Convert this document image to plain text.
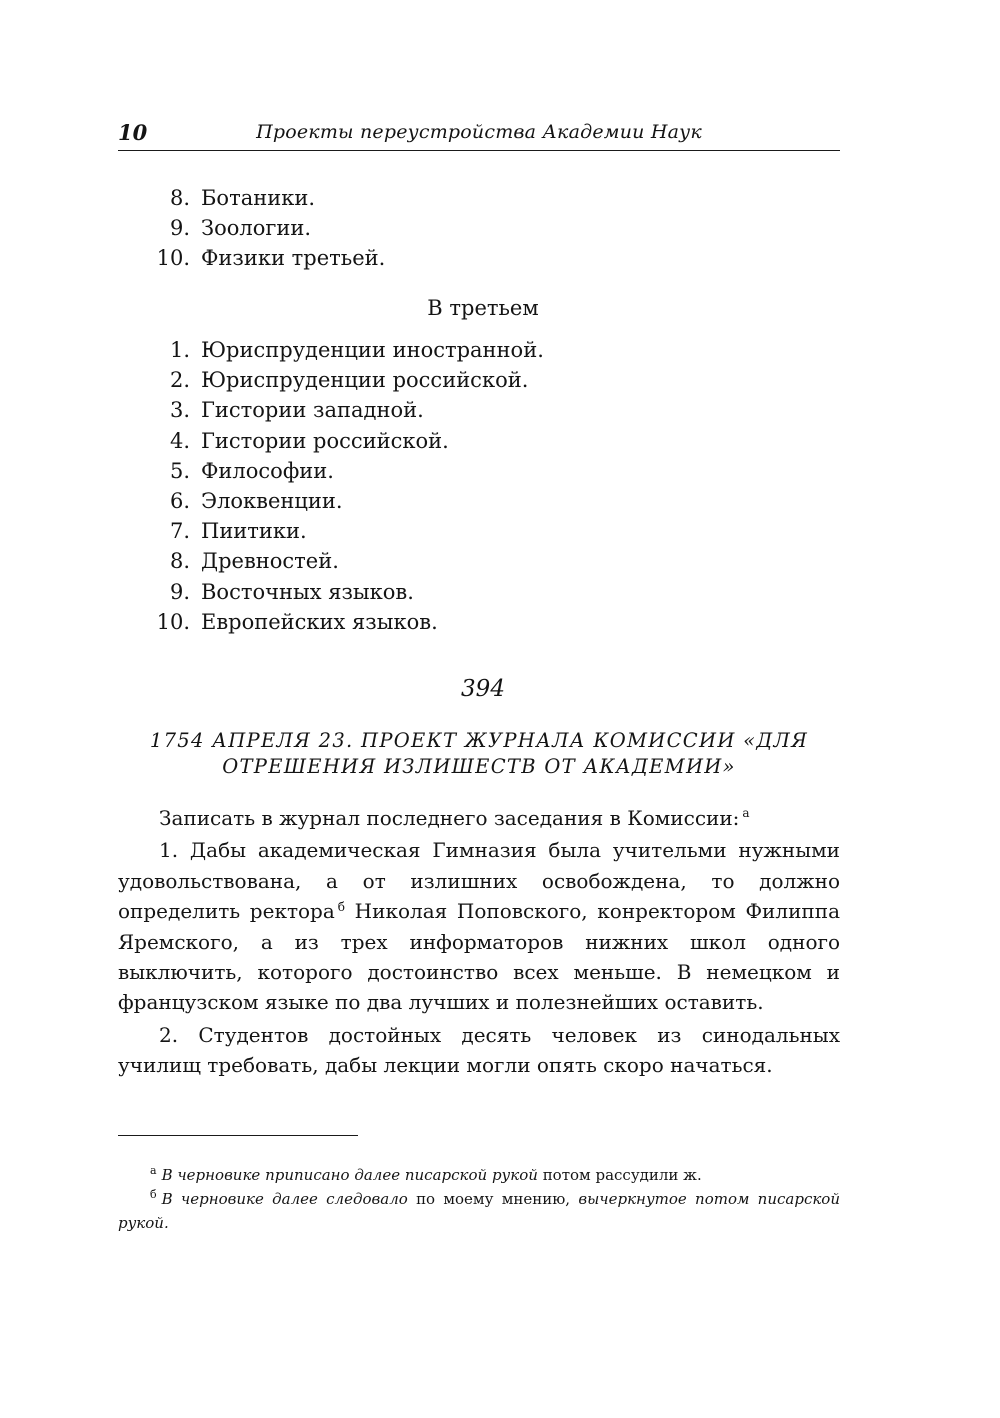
10	Проекты переустройства Академии Наук
8. Ботаники.
9. Зоологии.
10. Физики третьей.
В третьем
1. Юриспруденции иностранной.
2. Юриспруденции российской.
3. Гистории западной.
4. Гистории российской.
5. Философии.
6. Элоквенции.
7. Пиитики.
8. Древностей.
9. Восточных языков.
10. Европейских языков.
394
1754 АПРЕЛЯ 23. ПРОЕКТ ЖУРНАЛА КОМИССИИ «ДЛЯ ОТРЕШЕНИЯ ИЗЛИШЕСТВ ОТ АКАДЕМИИ»

Записать в журнал последнего заседания в Комиссии: $^а$

1. Дабы академическая Гимназия была учительми нужными удовольствована, а от излишних освобождена, то должно определить ректора $^б$ Николая Поповского, конректором Филиппа Яремского, а из трех информаторов нижних школ одного выключить, которого достоинство всех меньше. В немецком и французском языке по два лучших и полезнейших оставить.

2. Студентов достойных десять человек из синодальных училищ требовать, дабы лекции могли опять скоро начаться.

$^а$ В черновике приписано далее писарской рукой потом рассудили ж.

$^б$ В черновике далее следовало по моему мнению, вычеркнутое потом писарской рукой.
